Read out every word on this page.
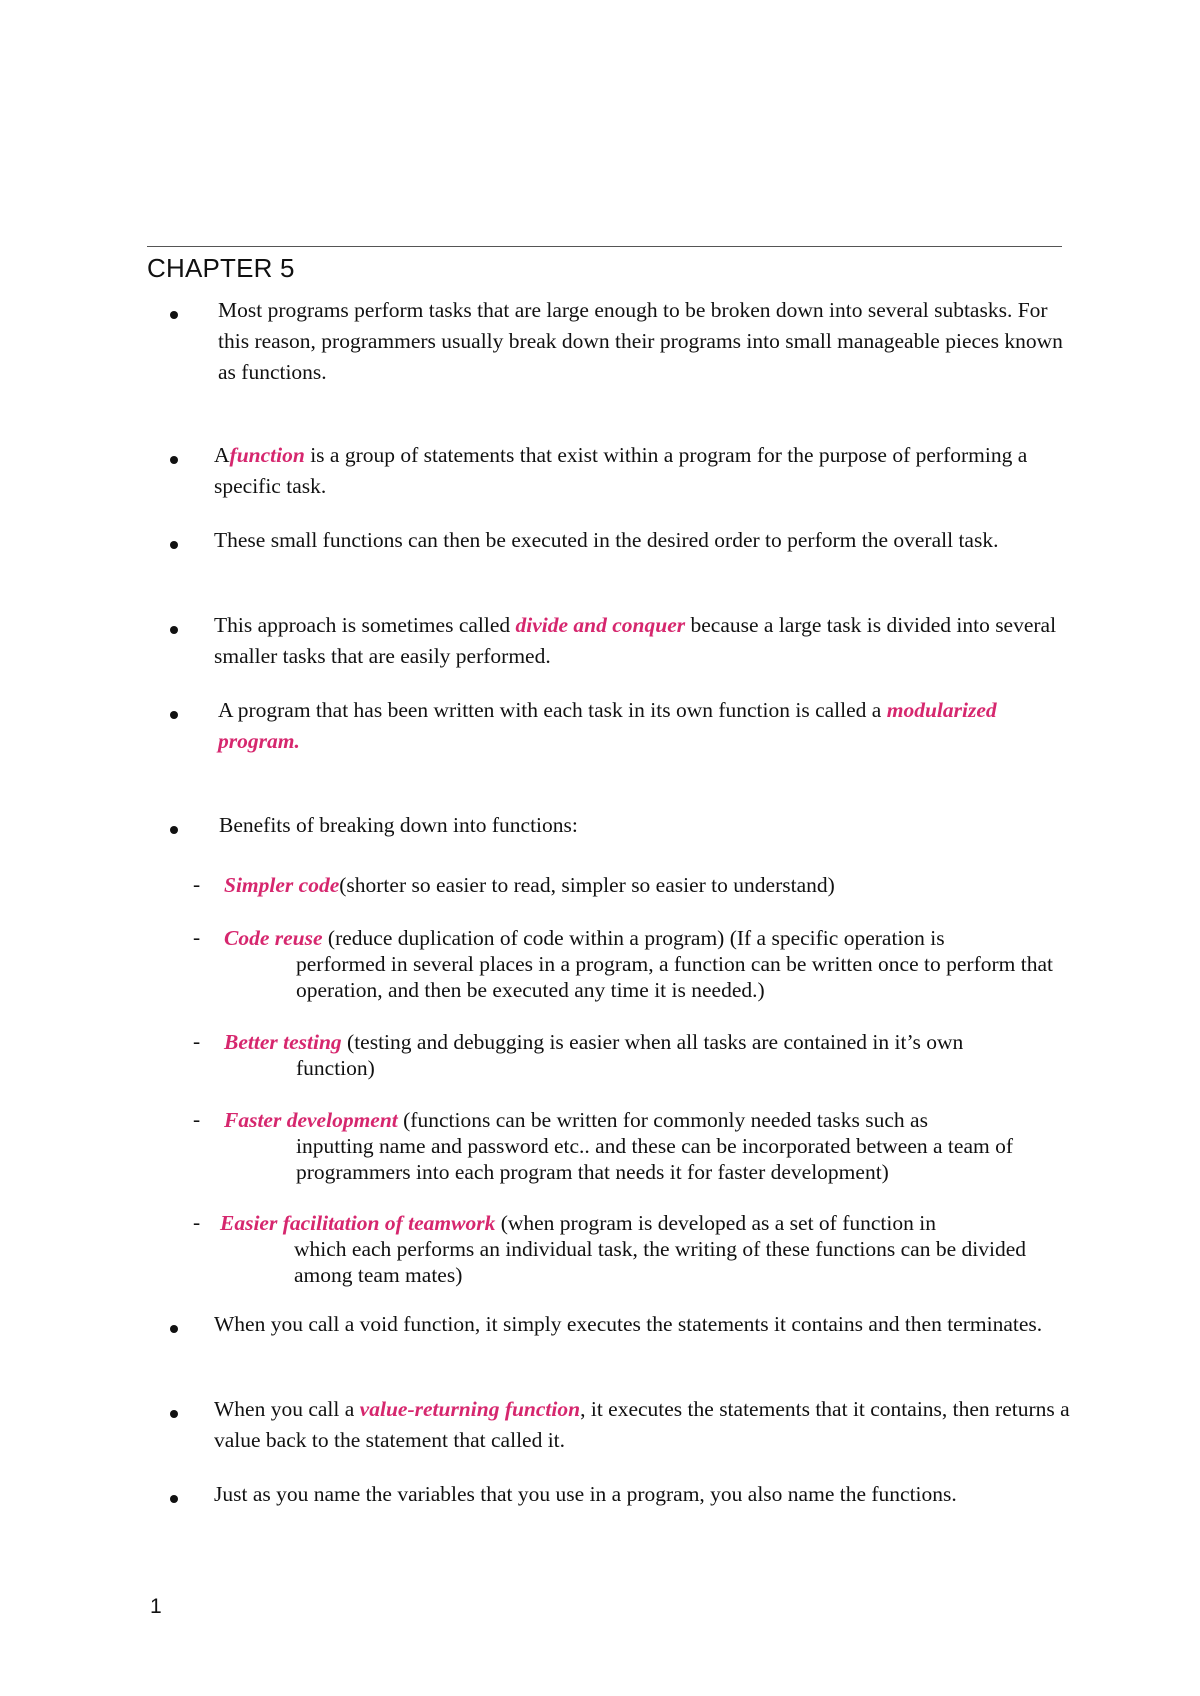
CHAPTER 5
Most programs perform tasks that are large enough to be broken down into several subtasks. For this reason, programmers usually break down their programs into small manageable pieces known as functions.
Afunction is a group of statements that exist within a program for the purpose of performing a specific task.
These small functions can then be executed in the desired order to perform the overall task.
This approach is sometimes called divide and conquer because a large task is divided into several smaller tasks that are easily performed.
A program that has been written with each task in its own function is called a modularized program.
Benefits of breaking down into functions:
- Simpler code(shorter so easier to read, simpler so easier to understand)
- Code reuse (reduce duplication of code within a program) (If a specific operation is
performed in several places in a program, a function can be written once to perform that operation, and then be executed any time it is needed.)
- Better testing (testing and debugging is easier when all tasks are contained in it’s own
function)
- Faster development (functions can be written for commonly needed tasks such as
inputting name and password etc.. and these can be incorporated between a team of programmers into each program that needs it for faster development)
- Easier facilitation of teamwork (when program is developed as a set of function in
which each performs an individual task, the writing of these functions can be divided among team mates)
When you call a void function, it simply executes the statements it contains and then terminates.
When you call a value-returning function, it executes the statements that it contains, then returns a value back to the statement that called it.
Just as you name the variables that you use in a program, you also name the functions.
1
